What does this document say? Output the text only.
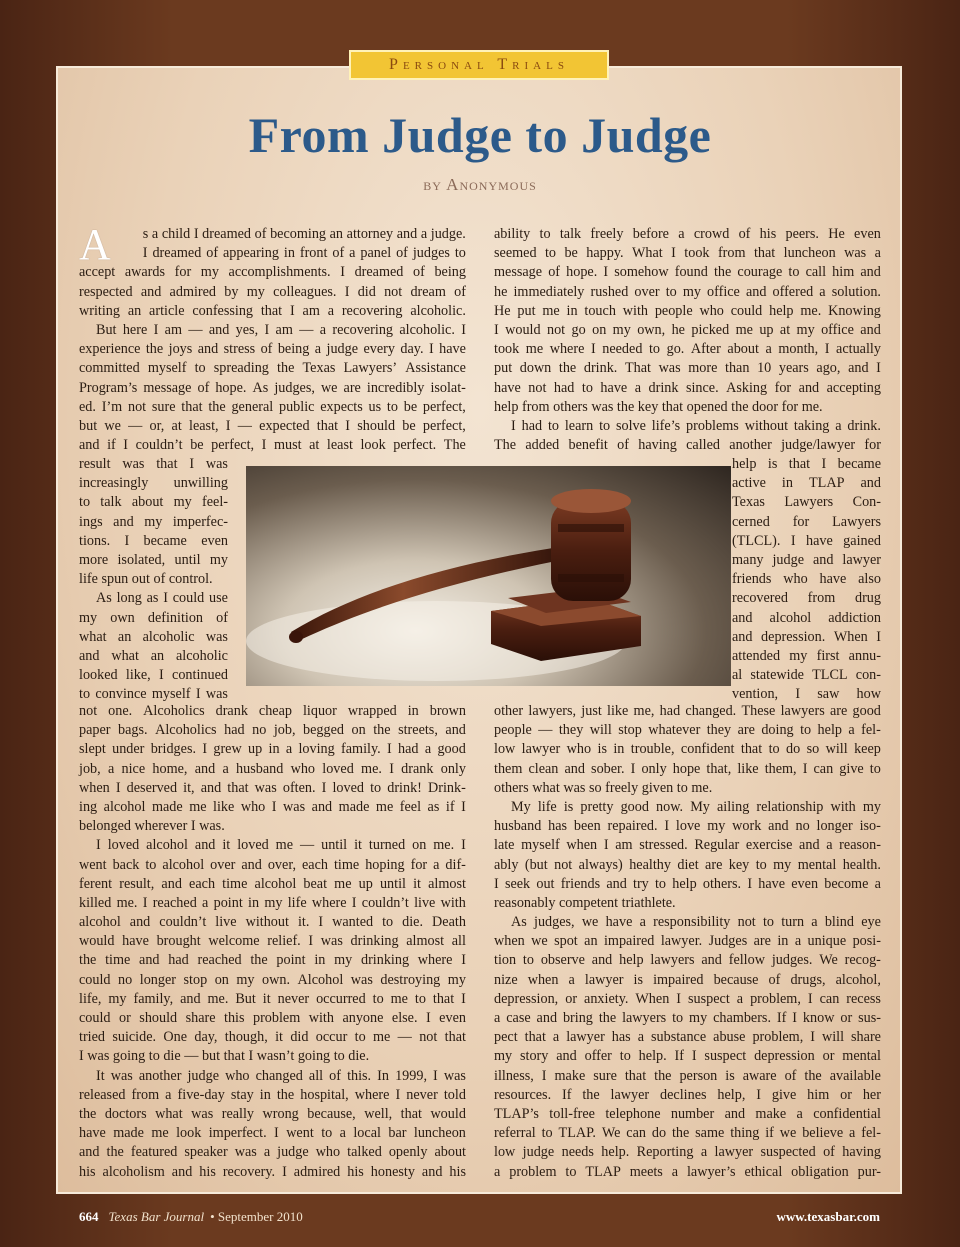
Personal Trials
From Judge to Judge
by Anonymous
A s a child I dreamed of becoming an attorney and a judge.
I dreamed of appearing in front of a panel of judges to
accept awards for my accomplishments. I dreamed of being
respected and admired by my colleagues. I did not dream of
writing an article confessing that I am a recovering alcoholic.
But here I am — and yes, I am — a recovering alcoholic. I
experience the joys and stress of being a judge every day. I have
committed myself to spreading the Texas Lawyers’ Assistance
Program’s message of hope. As judges, we are incredibly isolat-
ed. I’m not sure that the general public expects us to be perfect,
but we — or, at least, I — expected that I should be perfect,
and if I couldn’t be perfect, I must at least look perfect. The
result was that I was
increasingly unwilling
to talk about my feel-
ings and my imperfec-
tions. I became even
more isolated, until my
life spun out of control.
As long as I could use
my own definition of
what an alcoholic was
and what an alcoholic
looked like, I continued
to convince myself I was
not one. Alcoholics drank cheap liquor wrapped in brown
paper bags. Alcoholics had no job, begged on the streets, and
slept under bridges. I grew up in a loving family. I had a good
job, a nice home, and a husband who loved me. I drank only
when I deserved it, and that was often. I loved to drink! Drink-
ing alcohol made me like who I was and made me feel as if I
belonged wherever I was.
I loved alcohol and it loved me — until it turned on me. I
went back to alcohol over and over, each time hoping for a dif-
ferent result, and each time alcohol beat me up until it almost
killed me. I reached a point in my life where I couldn’t live with
alcohol and couldn’t live without it. I wanted to die. Death
would have brought welcome relief. I was drinking almost all
the time and had reached the point in my drinking where I
could no longer stop on my own. Alcohol was destroying my
life, my family, and me. But it never occurred to me to that I
could or should share this problem with anyone else. I even
tried suicide. One day, though, it did occur to me — not that
I was going to die — but that I wasn’t going to die.
It was another judge who changed all of this. In 1999, I was
released from a five-day stay in the hospital, where I never told
the doctors what was really wrong because, well, that would
have made me look imperfect. I went to a local bar luncheon
and the featured speaker was a judge who talked openly about
his alcoholism and his recovery. I admired his honesty and his
ability to talk freely before a crowd of his peers. He even
seemed to be happy. What I took from that luncheon was a
message of hope. I somehow found the courage to call him and
he immediately rushed over to my office and offered a solution.
He put me in touch with people who could help me. Knowing
I would not go on my own, he picked me up at my office and
took me where I needed to go. After about a month, I actually
put down the drink. That was more than 10 years ago, and I
have not had to have a drink since. Asking for and accepting
help from others was the key that opened the door for me.
I had to learn to solve life’s problems without taking a drink.
The added benefit of having called another judge/lawyer for
help is that I became
active in TLAP and
Texas Lawyers Con-
cerned for Lawyers
(TLCL). I have gained
many judge and lawyer
friends who have also
recovered from drug
and alcohol addiction
and depression. When I
attended my first annu-
al statewide TLCL con-
vention, I saw how
other lawyers, just like me, had changed. These lawyers are good
people — they will stop whatever they are doing to help a fel-
low lawyer who is in trouble, confident that to do so will keep
them clean and sober. I only hope that, like them, I can give to
others what was so freely given to me.
My life is pretty good now. My ailing relationship with my
husband has been repaired. I love my work and no longer iso-
late myself when I am stressed. Regular exercise and a reason-
ably (but not always) healthy diet are key to my mental health.
I seek out friends and try to help others. I have even become a
reasonably competent triathlete.
As judges, we have a responsibility not to turn a blind eye
when we spot an impaired lawyer. Judges are in a unique posi-
tion to observe and help lawyers and fellow judges. We recog-
nize when a lawyer is impaired because of drugs, alcohol,
depression, or anxiety. When I suspect a problem, I can recess
a case and bring the lawyers to my chambers. If I know or sus-
pect that a lawyer has a substance abuse problem, I will share
my story and offer to help. If I suspect depression or mental
illness, I make sure that the person is aware of the available
resources. If the lawyer declines help, I give him or her
TLAP’s toll-free telephone number and make a confidential
referral to TLAP. We can do the same thing if we believe a fel-
low judge needs help. Reporting a lawyer suspected of having
a problem to TLAP meets a lawyer’s ethical obligation pur-
664 Texas Bar Journal • September 2010	www.texasbar.com
